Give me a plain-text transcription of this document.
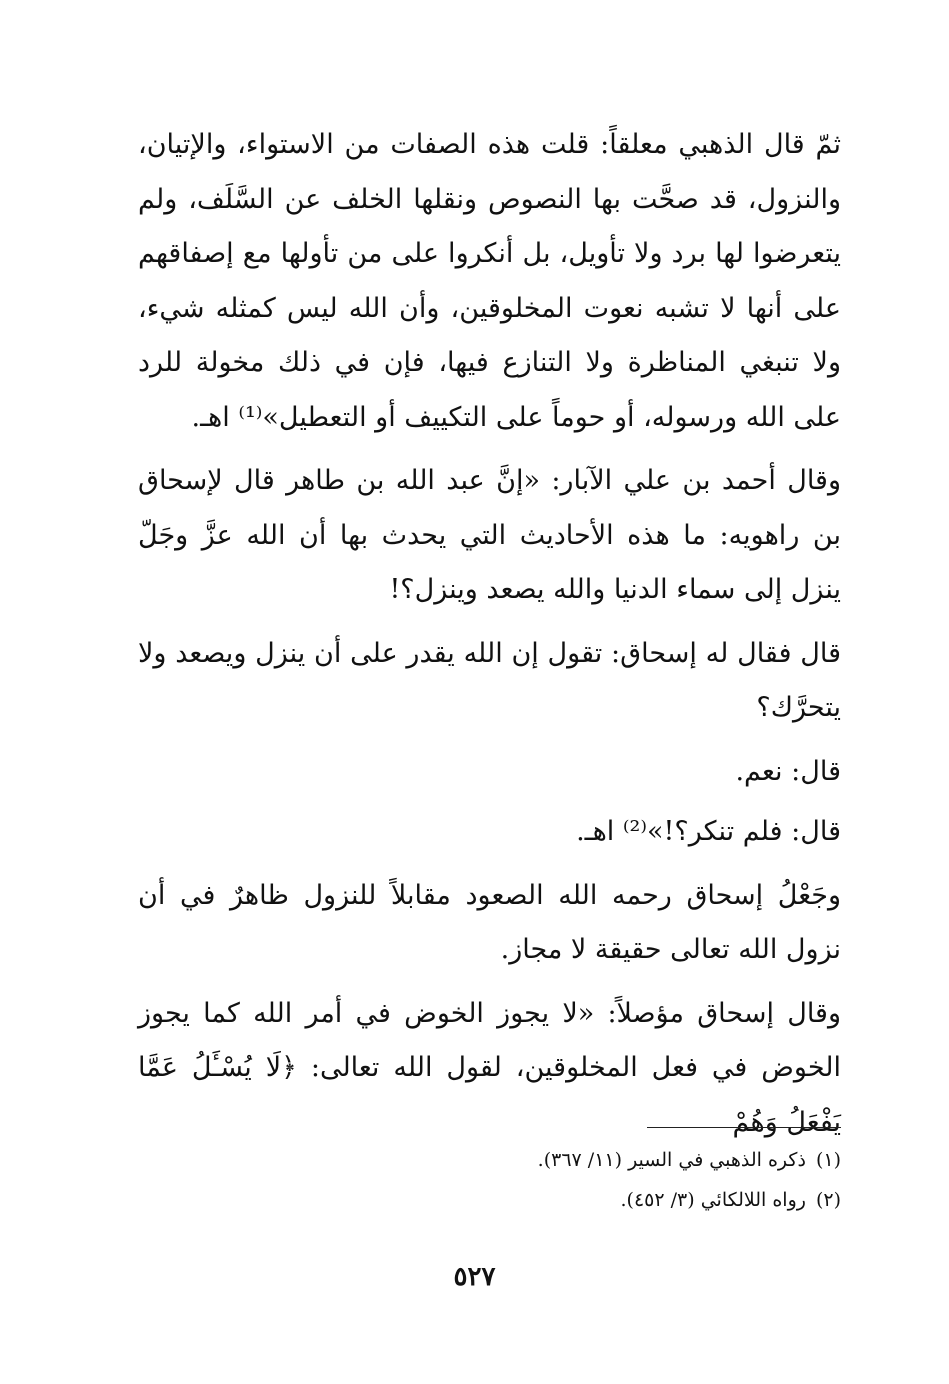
ثمّ قال الذهبي معلقاً: قلت هذه الصفات من الاستواء، والإتيان، والنزول، قد صحَّت بها النصوص ونقلها الخلف عن السَّلَف، ولم يتعرضوا لها برد ولا تأويل، بل أنكروا على من تأولها مع إصفاقهم على أنها لا تشبه نعوت المخلوقين، وأن الله ليس كمثله شيء، ولا تنبغي المناظرة ولا التنازع فيها، فإن في ذلك مخولة للرد على الله ورسوله، أو حوماً على التكييف أو التعطيل»⁽¹⁾ اهـ.

وقال أحمد بن علي الآبار: «إنَّ عبد الله بن طاهر قال لإسحاق بن راهويه: ما هذه الأحاديث التي يحدث بها أن الله عزَّ وجَلّ ينزل إلى سماء الدنيا والله يصعد وينزل؟!

قال فقال له إسحاق: تقول إن الله يقدر على أن ينزل ويصعد ولا يتحرَّك؟

قال: نعم.

قال: فلم تنكر؟!»⁽²⁾ اهـ.

وجَعْلُ إسحاق رحمه الله الصعود مقابلاً للنزول ظاهرٌ في أن نزول الله تعالى حقيقة لا مجاز.

وقال إسحاق مؤصلاً: «لا يجوز الخوض في أمر الله كما يجوز الخوض في فعل المخلوقين، لقول الله تعالى: ﴿لَا يُسْـَٔلُ عَمَّا يَفْعَلُ وَهُمْ

(١)ذكره الذهبي في السير (١١/ ٣٦٧).

(٢)رواه اللالكائي (٣/ ٤٥٢).

٥٢٧
